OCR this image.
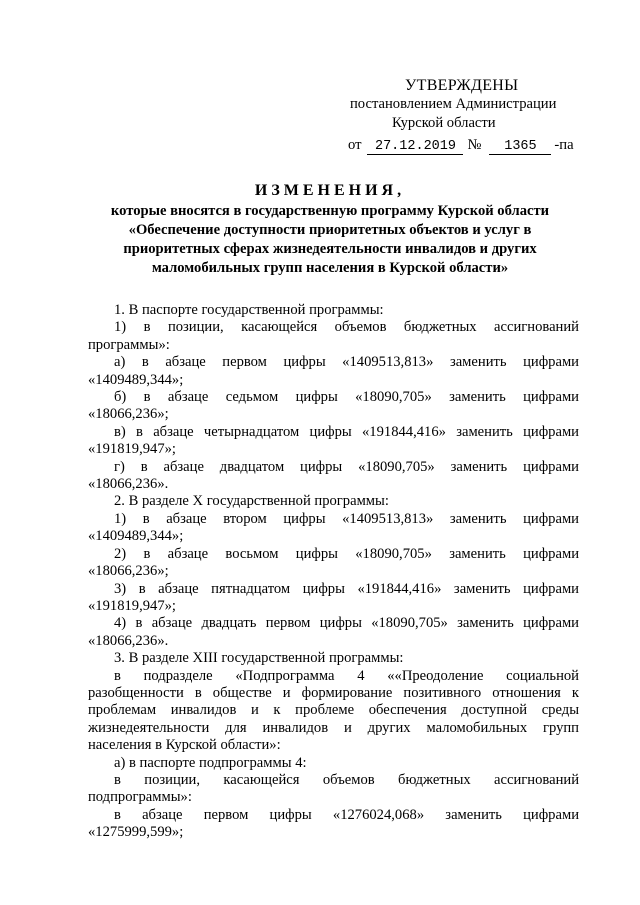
УТВЕРЖДЕНЫ
постановлением Администрации
Курской области
от 27.12.2019 №	1365	-па
ИЗМЕНЕНИЯ,
которые вносятся в государственную программу Курской области
«Обеспечение доступности приоритетных объектов и услуг в
приоритетных сферах жизнедеятельности инвалидов и других
маломобильных групп населения в Курской области»
1. В паспорте государственной программы:
1) в позиции, касающейся объемов бюджетных ассигнований
программы»:
а) в абзаце первом цифры «1409513,813» заменить цифрами
«1409489,344»;
б) в абзаце седьмом цифры «18090,705» заменить цифрами
«18066,236»;
в) в абзаце четырнадцатом цифры «191844,416» заменить цифрами
«191819,947»;
г) в абзаце двадцатом цифры «18090,705» заменить цифрами
«18066,236».
2. В разделе X государственной программы:
1) в абзаце втором цифры «1409513,813» заменить цифрами
«1409489,344»;
2) в абзаце восьмом цифры «18090,705» заменить цифрами
«18066,236»;
3) в абзаце пятнадцатом цифры «191844,416» заменить цифрами
«191819,947»;
4) в абзаце двадцать первом цифры «18090,705» заменить цифрами
«18066,236».
3. В разделе XIII государственной программы:
в подразделе «Подпрограмма 4 ««Преодоление социальной
разобщенности в обществе и формирование позитивного отношения к
проблемам инвалидов и к проблеме обеспечения доступной среды
жизнедеятельности для инвалидов и других маломобильных групп
населения в Курской области»:
а) в паспорте подпрограммы 4:
в позиции, касающейся объемов бюджетных ассигнований
подпрограммы»:
в абзаце первом цифры «1276024,068» заменить цифрами
«1275999,599»;
